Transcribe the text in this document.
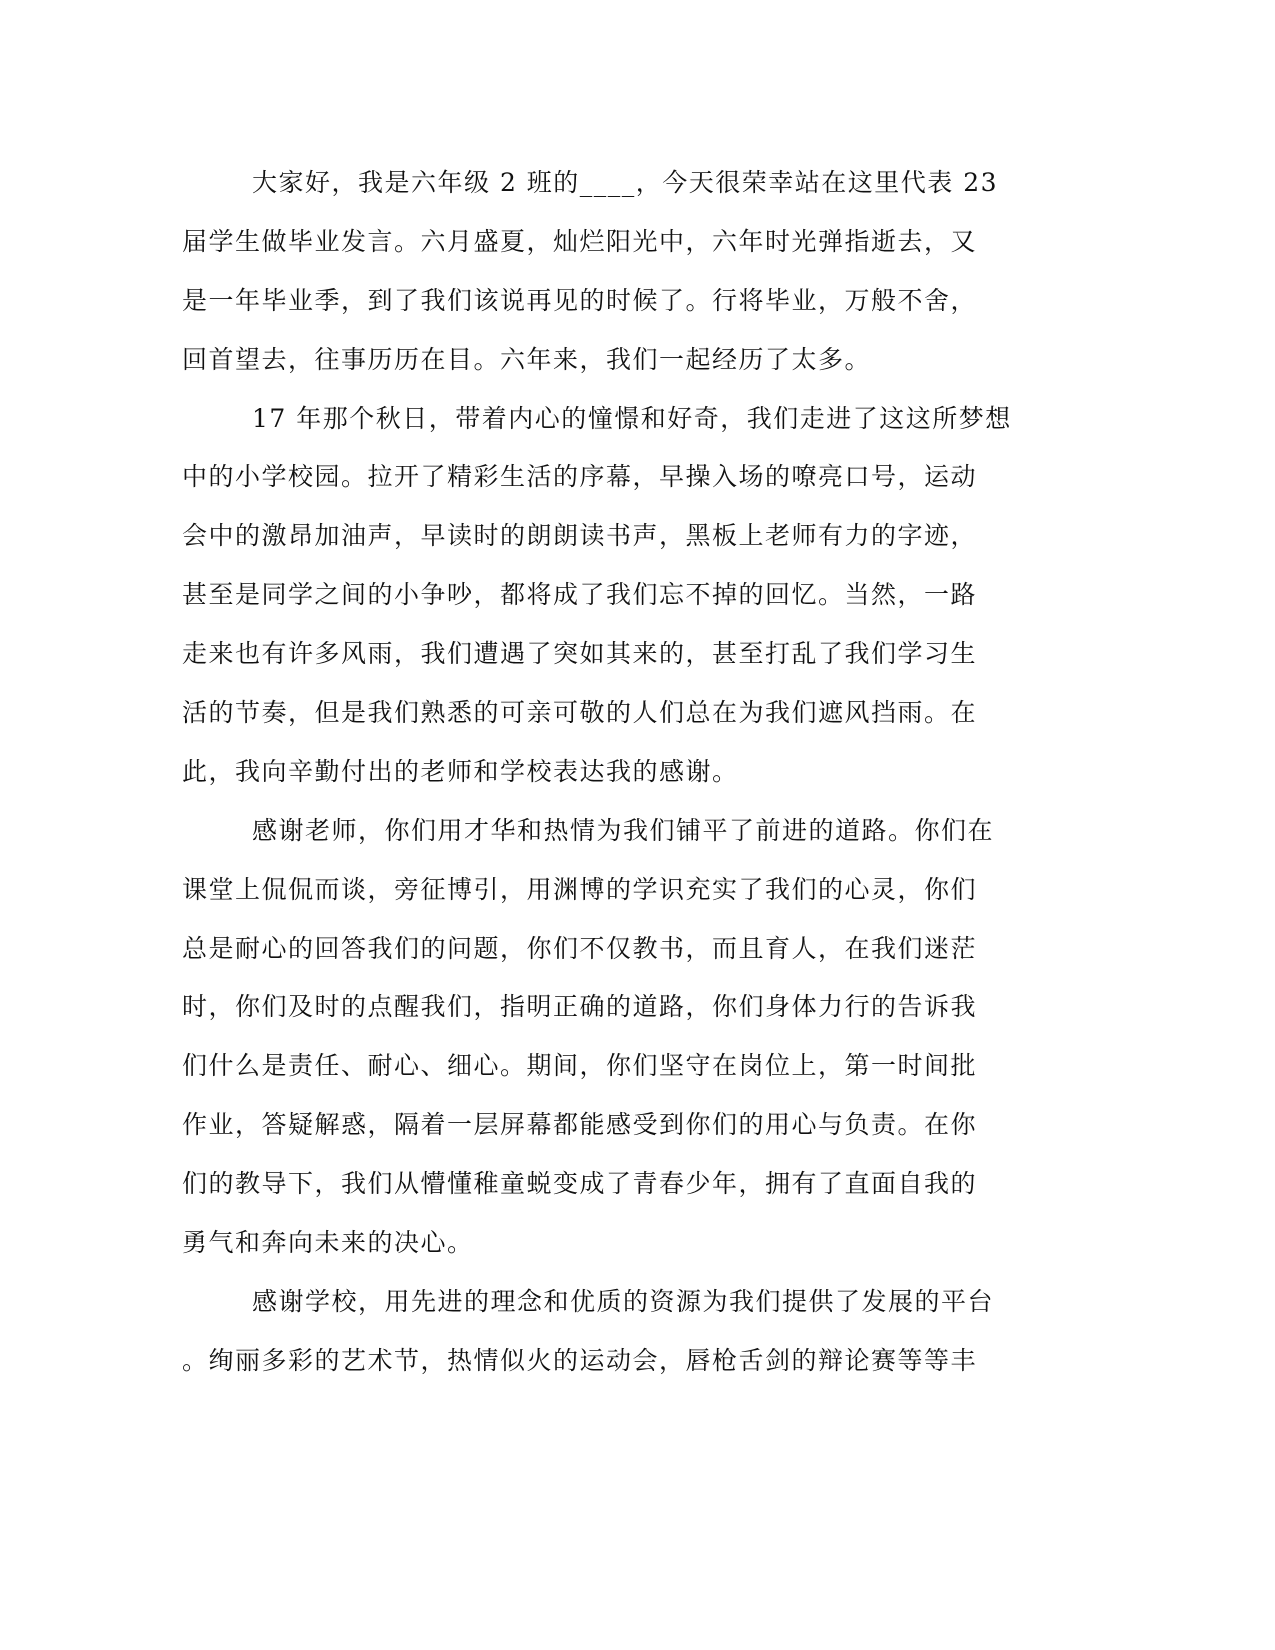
大家好，我是六年级 2 班的____，今天很荣幸站在这里代表 23
届学生做毕业发言。六月盛夏，灿烂阳光中，六年时光弹指逝去，又
是一年毕业季，到了我们该说再见的时候了。行将毕业，万般不舍，
回首望去，往事历历在目。六年来，我们一起经历了太多。
17 年那个秋日，带着内心的憧憬和好奇，我们走进了这这所梦想
中的小学校园。拉开了精彩生活的序幕，早操入场的嘹亮口号，运动
会中的激昂加油声，早读时的朗朗读书声，黑板上老师有力的字迹，
甚至是同学之间的小争吵，都将成了我们忘不掉的回忆。当然，一路
走来也有许多风雨，我们遭遇了突如其来的，甚至打乱了我们学习生
活的节奏，但是我们熟悉的可亲可敬的人们总在为我们遮风挡雨。在
此，我向辛勤付出的老师和学校表达我的感谢。
感谢老师，你们用才华和热情为我们铺平了前进的道路。你们在
课堂上侃侃而谈，旁征博引，用渊博的学识充实了我们的心灵，你们
总是耐心的回答我们的问题，你们不仅教书，而且育人，在我们迷茫
时，你们及时的点醒我们，指明正确的道路，你们身体力行的告诉我
们什么是责任、耐心、细心。期间，你们坚守在岗位上，第一时间批
作业，答疑解惑，隔着一层屏幕都能感受到你们的用心与负责。在你
们的教导下，我们从懵懂稚童蜕变成了青春少年，拥有了直面自我的
勇气和奔向未来的决心。
感谢学校，用先进的理念和优质的资源为我们提供了发展的平台
。绚丽多彩的艺术节，热情似火的运动会，唇枪舌剑的辩论赛等等丰
